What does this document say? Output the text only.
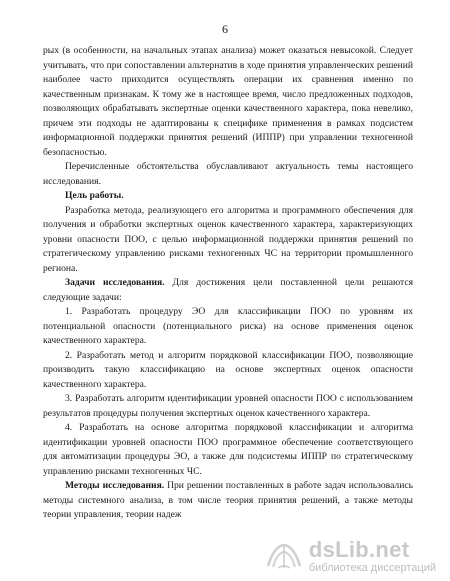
6

рых (в особенности, на начальных этапах анализа) может оказаться невысокой. Следует учитывать, что при сопоставлении альтернатив в ходе принятия управленческих решений наиболее часто приходится осуществлять операции их сравнения именно по качественным признакам. К тому же в настоящее время, число предложенных подходов, позволяющих обрабатывать экспертные оценки качественного характера, пока невелико, причем эти подходы не адаптированы к специфике применения в рамках подсистем информационной поддержки принятия решений (ИППР) при управлении техногенной безопасностью.

Перечисленные обстоятельства обуславливают актуальность темы настоящего исследования.

Цель работы.

Разработка метода, реализующего его алгоритма и программного обеспечения для получения и обработки экспертных оценок качественного характера, характеризующих уровни опасности ПОО, с целью информационной поддержки принятия решений по стратегическому управлению рисками техногенных ЧС на территории промышленного региона.

Задачи исследования. Для достижения цели поставленной цели решаются следующие задачи:

1. Разработать процедуру ЭО для классификации ПОО по уровням их потенциальной опасности (потенциального риска) на основе применения оценок качественного характера.

2. Разработать метод и алгоритм порядковой классификации ПОО, позволяющие производить такую классификацию на основе экспертных оценок опасности качественного характера.

3. Разработать алгоритм идентификации уровней опасности ПОО с использованием результатов процедуры получения экспертных оценок качественного характера.

4. Разработать на основе алгоритма порядковой классификации и алгоритма идентификации уровней опасности ПОО программное обеспечение соответствующего для автоматизации процедуры ЭО, а также для подсистемы ИППР по стратегическому управлению рисками техногенных ЧС.

Методы исследования. При решении поставленных в работе задач использовались методы системного анализа, в том числе теория принятия решений, а также методы теории управления, теории надеж

dsLib.net
библиотека диссертаций
